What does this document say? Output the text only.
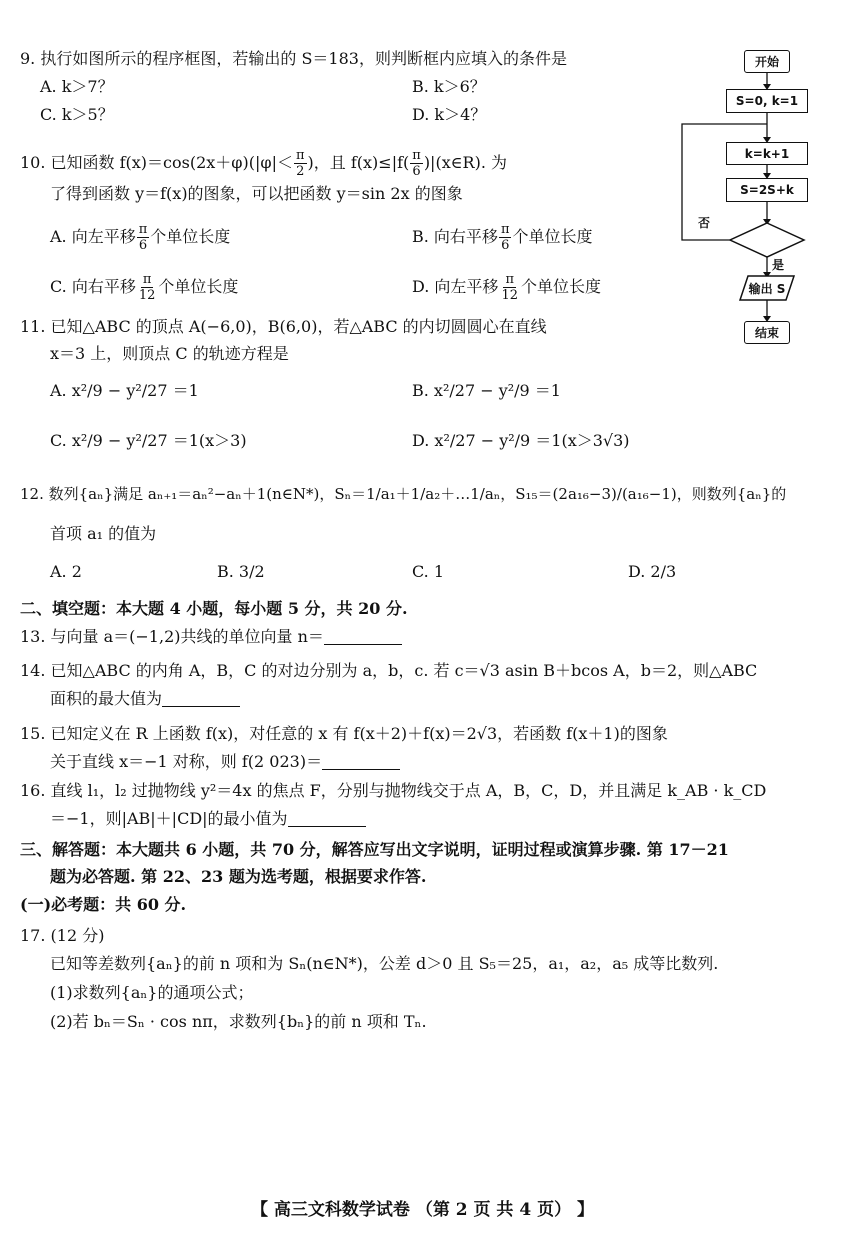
9. 执行如图所示的程序框图，若输出的 S＝183，则判断框内应填入的条件是
A. k＞7？	B. k＞6？
C. k＞5？	D. k＞4？
开始
S=0, k=1
k=k+1
S=2S+k
否
是
输出 S
结束
10. 已知函数 $f(x)=\cos(2x+\varphi)(|\varphi|< \frac{\pi}{2}$ )，且 $f(x)\le|f( \frac{\pi}{6}$ )|(x∈R). 为
了得到函数 y＝f(x)的图象，可以把函数 y＝sin 2x 的图象
A. 向左平移 $\frac{\pi}{6}$ 个单位长度	B. 向右平移 $\frac{\pi}{6}$ 个单位长度
C. 向右平移 $\frac{\pi}{12}$ 个单位长度	D. 向左平移 $\frac{\pi}{12}$ 个单位长度
11. 已知△ABC 的顶点 A(−6,0)，B(6,0)，若△ABC 的内切圆圆心在直线
x＝3 上，则顶点 C 的轨迹方程是
A. x²/9 − y²/27 ＝1	B. x²/27 − y²/9 ＝1
C. x²/9 − y²/27 ＝1(x＞3)	D. x²/27 − y²/9 ＝1(x＞3√3)
12. 数列{aₙ}满足 aₙ₊₁＝aₙ²−aₙ＋1(n∈N*)，Sₙ＝1/a₁＋1/a₂＋…1/aₙ，S₁₅＝(2a₁₆−3)/(a₁₆−1)，则数列{aₙ}的
首项 a₁ 的值为
A. 2	B. 3/2	C. 1	D. 2/3
二、填空题：本大题 4 小题，每小题 5 分，共 20 分.
13. 与向量 a＝(−1,2)共线的单位向量 n＝
14. 已知△ABC 的内角 A，B，C 的对边分别为 a，b，c. 若 c＝√3 asin B＋bcos A，b＝2，则△ABC
面积的最大值为
15. 已知定义在 R 上函数 f(x)，对任意的 x 有 f(x＋2)＋f(x)＝2√3，若函数 f(x＋1)的图象
关于直线 x＝−1 对称，则 f(2 023)＝
16. 直线 l₁，l₂ 过抛物线 y²＝4x 的焦点 F，分别与抛物线交于点 A，B，C，D，并且满足 k_AB · k_CD
＝−1，则|AB|＋|CD|的最小值为
三、解答题：本大题共 6 小题，共 70 分，解答应写出文字说明，证明过程或演算步骤. 第 17－21
题为必答题. 第 22、23 题为选考题，根据要求作答.
(一)必考题：共 60 分.
17. (12 分)
已知等差数列{aₙ}的前 n 项和为 Sₙ(n∈N*)，公差 d＞0 且 S₅＝25，a₁，a₂，a₅ 成等比数列.
(1)求数列{aₙ}的通项公式；
(2)若 bₙ＝Sₙ · cos nπ，求数列{bₙ}的前 n 项和 Tₙ.
【 高三文科数学试卷 （第 2 页 共 4 页） 】
